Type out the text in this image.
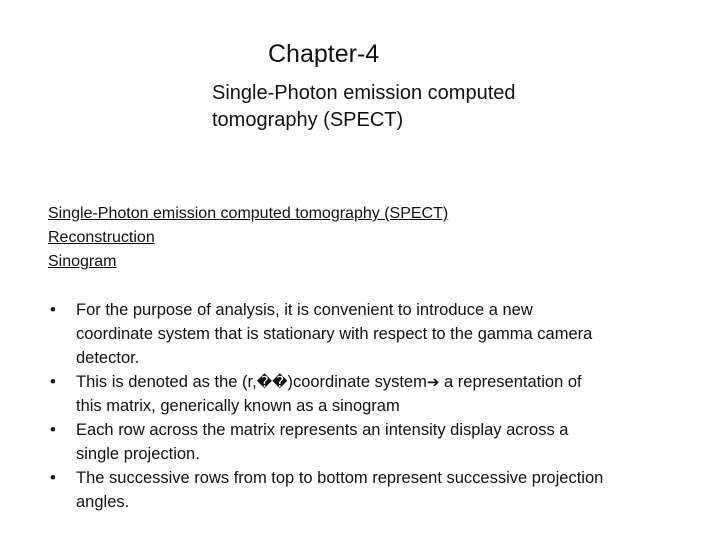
Chapter-4
Single-Photon emission computed tomography (SPECT)
Single-Photon emission computed tomography (SPECT)
Reconstruction
Sinogram
• For the purpose of analysis, it is convenient to introduce a new coordinate system that is stationary with respect to the gamma camera detector.
• This is denoted as the (r,��)coordinate system➔ a representation of this matrix, generically known as a sinogram
• Each row across the matrix represents an intensity display across a single projection.
• The successive rows from top to bottom represent successive projection angles.
